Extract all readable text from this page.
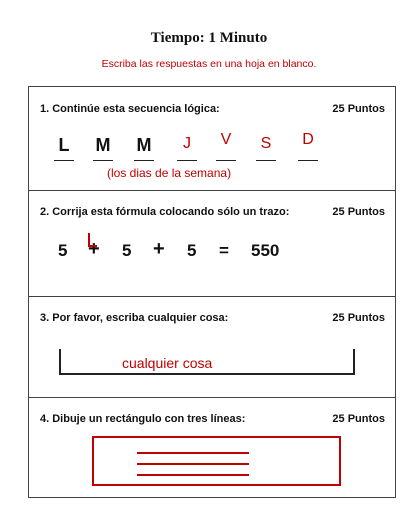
Tiempo: 1 Minuto
Escriba las respuestas en una hoja en blanco.
1. Continúe esta secuencia lógica:	25 Puntos
L	M M	J	V	S	D
(los dias de la semana)
2. Corrija esta fórmula colocando sólo un trazo:	25 Puntos
5 + 5 + 5 = 550
3. Por favor, escriba cualquier cosa:	25 Puntos
cualquier cosa
4. Dibuje un rectángulo con tres líneas:	25 Puntos
